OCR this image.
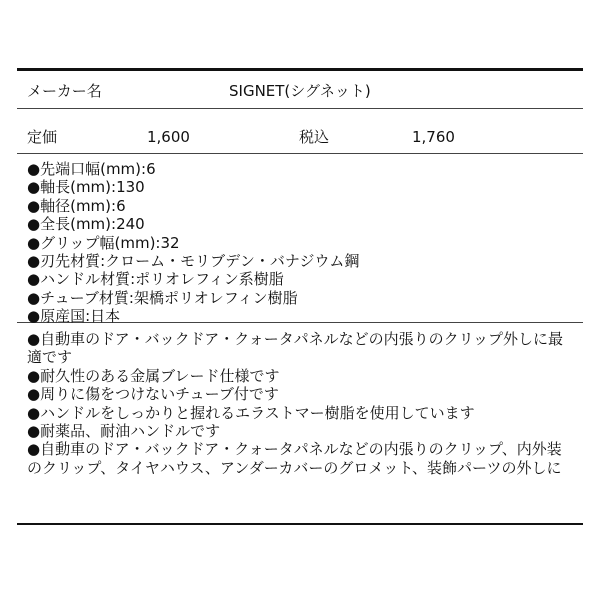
メーカー名	SIGNET(シグネット)
定価	1,600	税込	1,760
●先端口幅(mm):6
●軸長(mm):130
●軸径(mm):6
●全長(mm):240
●グリップ幅(mm):32
●刃先材質:クローム・モリブデン・バナジウム鋼
●ハンドル材質:ポリオレフィン系樹脂
●チューブ材質:架橋ポリオレフィン樹脂
●原産国:日本
●自動車のドア・バックドア・クォータパネルなどの内張りのクリップ外しに最適です
●耐久性のある金属ブレード仕様です
●周りに傷をつけないチューブ付です
●ハンドルをしっかりと握れるエラストマー樹脂を使用しています
●耐薬品、耐油ハンドルです
●自動車のドア・バックドア・クォータパネルなどの内張りのクリップ、内外装のクリップ、タイヤハウス、アンダーカバーのグロメット、装飾パーツの外しに
